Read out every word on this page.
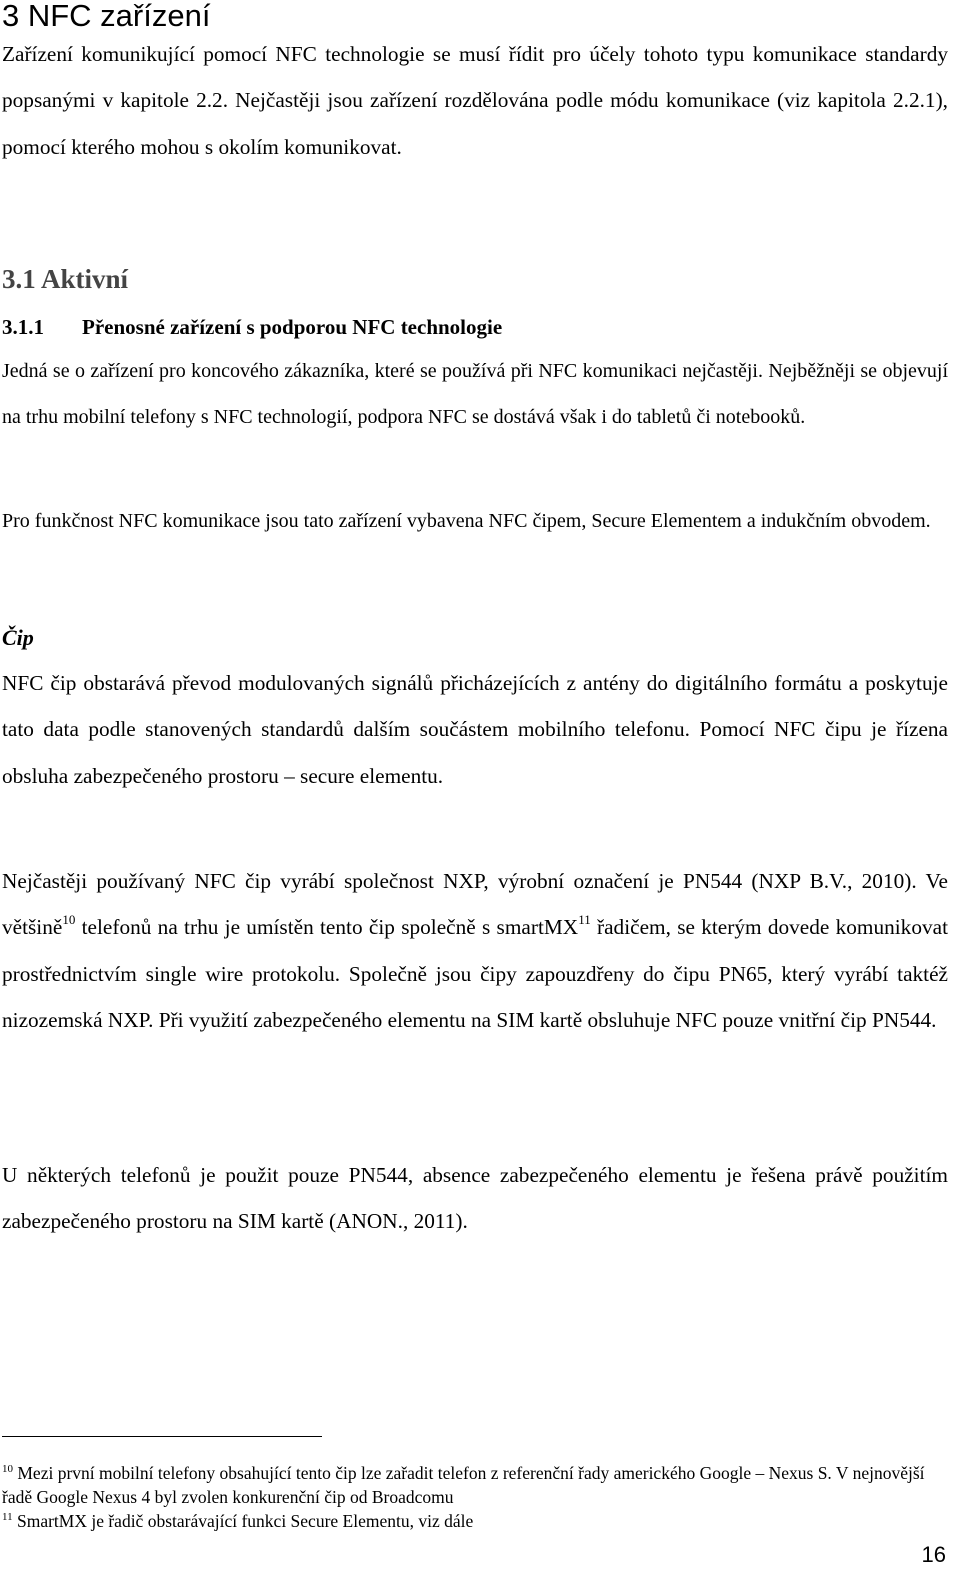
3 NFC zařízení
Zařízení komunikující pomocí NFC technologie se musí řídit pro účely tohoto typu komunikace standardy popsanými v kapitole 2.2. Nejčastěji jsou zařízení rozdělována podle módu komunikace (viz kapitola 2.2.1), pomocí kterého mohou s okolím komunikovat.
3.1 Aktivní
3.1.1 Přenosné zařízení s podporou NFC technologie
Jedná se o zařízení pro koncového zákazníka, které se používá při NFC komunikaci nejčastěji. Nejběžněji se objevují na trhu mobilní telefony s NFC technologií, podpora NFC se dostává však i do tabletů či notebooků.
Pro funkčnost NFC komunikace jsou tato zařízení vybavena NFC čipem, Secure Elementem a indukčním obvodem.
Čip
NFC čip obstarává převod modulovaných signálů přicházejících z antény do digitálního formátu a poskytuje tato data podle stanovených standardů dalším součástem mobilního telefonu. Pomocí NFC čipu je řízena obsluha zabezpečeného prostoru – secure elementu.
Nejčastěji používaný NFC čip vyrábí společnost NXP, výrobní označení je PN544 (NXP B.V., 2010). Ve většině$^{10}$ telefonů na trhu je umístěn tento čip společně s smartMX$^{11}$ řadičem, se kterým dovede komunikovat prostřednictvím single wire protokolu. Společně jsou čipy zapouzdřeny do čipu PN65, který vyrábí taktéž nizozemská NXP. Při využití zabezpečeného elementu na SIM kartě obsluhuje NFC pouze vnitřní čip PN544.
U některých telefonů je použit pouze PN544, absence zabezpečeného elementu je řešena právě použitím zabezpečeného prostoru na SIM kartě (ANON., 2011).
$^{10}$ Mezi první mobilní telefony obsahující tento čip lze zařadit telefon z referenční řady amerického Google – Nexus S. V nejnovější řadě Google Nexus 4 byl zvolen konkurenční čip od Broadcomu
$^{11}$ SmartMX je řadič obstarávající funkci Secure Elementu, viz dále
16
